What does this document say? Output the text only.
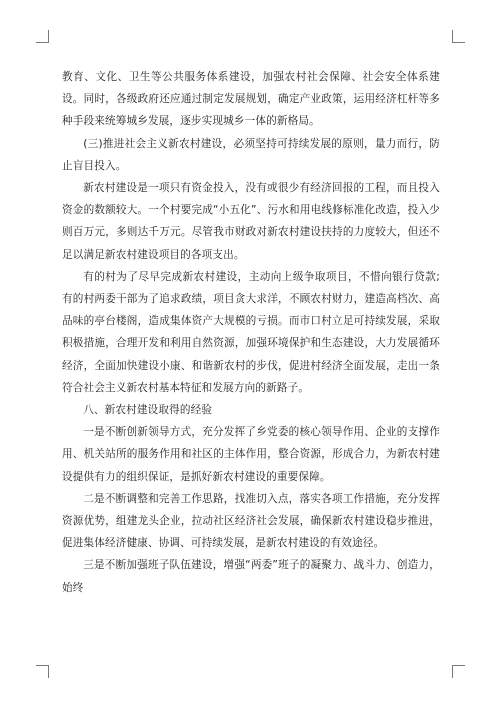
教育、文化、卫生等公共服务体系建设，加强农村社会保障、社会安全体系建设。同时，各级政府还应通过制定发展规划，确定产业政策，运用经济杠杆等多种手段来统筹城乡发展，逐步实现城乡一体的新格局。

(三)推进社会主义新农村建设，必须坚持可持续发展的原则，量力而行，防止盲目投入。

新农村建设是一项只有资金投入，没有或很少有经济回报的工程，而且投入资金的数额较大。一个村要完成“小五化”、污水和用电线修标准化改造，投入少则百万元，多则达千万元。尽管我市财政对新农村建设扶持的力度较大，但还不足以满足新农村建设项目的各项支出。

有的村为了尽早完成新农村建设，主动向上级争取项目，不惜向银行贷款;有的村两委干部为了追求政绩，项目贪大求洋，不顾农村财力，建造高档次、高品味的亭台楼阁，造成集体资产大规模的亏损。而市口村立足可持续发展，采取积极措施，合理开发和利用自然资源，加强环境保护和生态建设，大力发展循环经济，全面加快建设小康、和谐新农村的步伐，促进村经济全面发展，走出一条符合社会主义新农村基本特征和发展方向的新路子。

八、新农村建设取得的经验

一是不断创新领导方式，充分发挥了乡党委的核心领导作用、企业的支撑作用、机关站所的服务作用和社区的主体作用，整合资源，形成合力，为新农村建设提供有力的组织保证，是抓好新农村建设的重要保障。

二是不断调整和完善工作思路，找准切入点，落实各项工作措施，充分发挥资源优势，组建龙头企业，拉动社区经济社会发展，确保新农村建设稳步推进，促进集体经济健康、协调、可持续发展，是新农村建设的有效途径。

三是不断加强班子队伍建设，增强“两委”班子的凝聚力、战斗力、创造力，始终
